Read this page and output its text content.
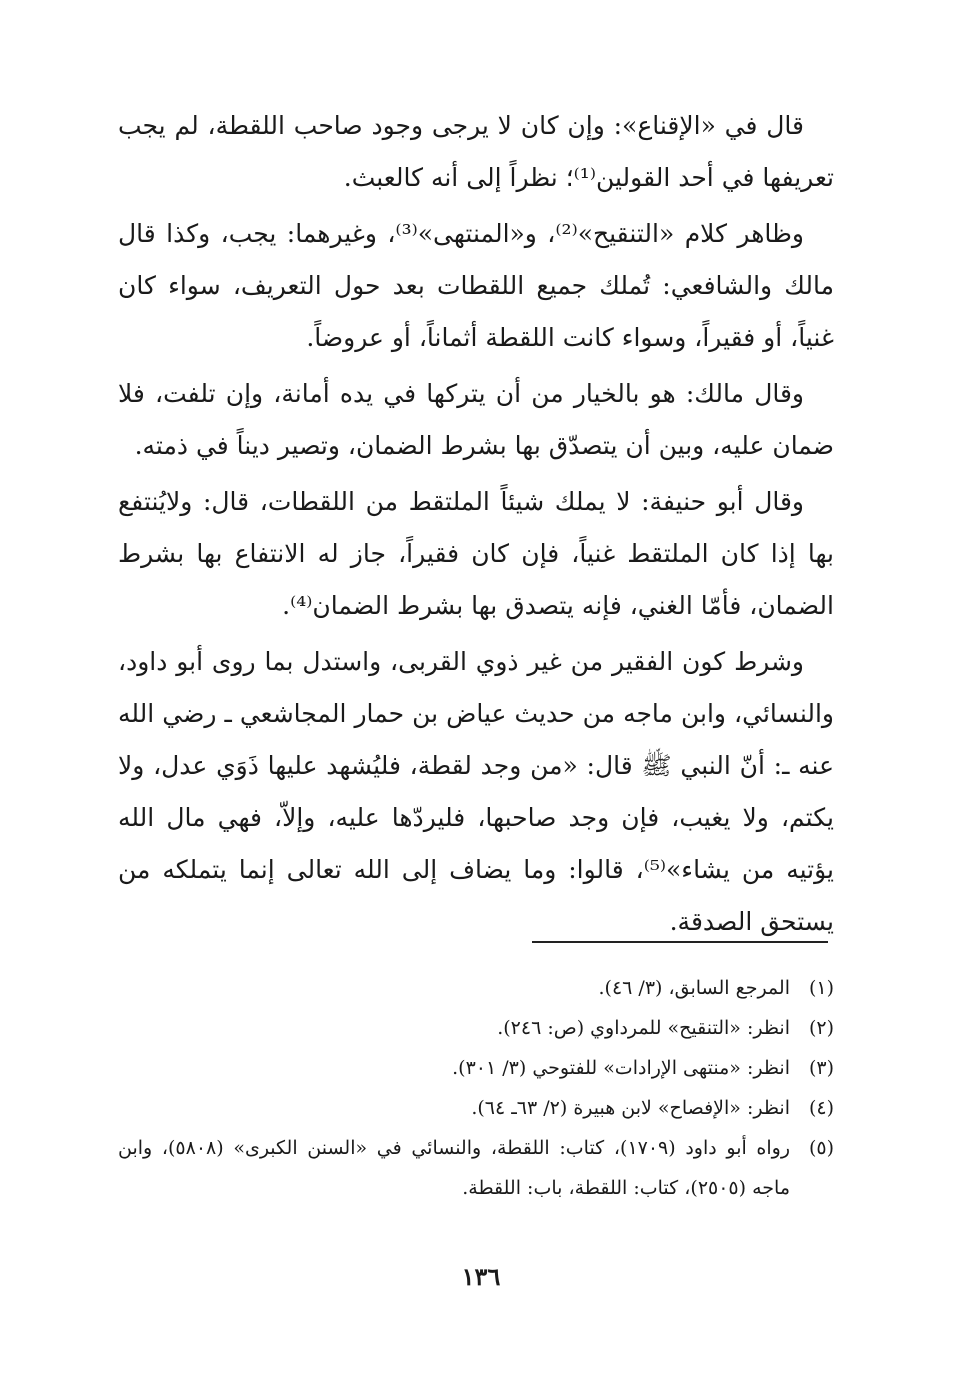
قال في «الإقناع»: وإن كان لا يرجى وجود صاحب اللقطة، لم يجب تعريفها في أحد القولين⁽¹⁾؛ نظراً إلى أنه كالعبث.

وظاهر كلام «التنقيح»⁽²⁾، و«المنتهى»⁽³⁾، وغيرهما: يجب، وكذا قال مالك والشافعي: تُملك جميع اللقطات بعد حول التعريف، سواء كان غنياً، أو فقيراً، وسواء كانت اللقطة أثماناً، أو عروضاً.

وقال مالك: هو بالخيار من أن يتركها في يده أمانة، وإن تلفت، فلا ضمان عليه، وبين أن يتصدّق بها بشرط الضمان، وتصير ديناً في ذمته.

وقال أبو حنيفة: لا يملك شيئاً الملتقط من اللقطات، قال: ولايُنتفع بها إذا كان الملتقط غنياً، فإن كان فقيراً، جاز له الانتفاع بها بشرط الضمان، فأمّا الغني، فإنه يتصدق بها بشرط الضمان⁽⁴⁾.

وشرط كون الفقير من غير ذوي القربى، واستدل بما روى أبو داود، والنسائي، وابن ماجه من حديث عياض بن حمار المجاشعي ـ رضي الله عنه ـ: أنّ النبي ﷺ قال: «من وجد لقطة، فليُشهد عليها ذَوَي عدل، ولا يكتم، ولا يغيب، فإن وجد صاحبها، فليردّها عليه، وإلاّ، فهي مال الله يؤتيه من يشاء»⁽⁵⁾، قالوا: وما يضاف إلى الله تعالى إنما يتملكه من يستحق الصدقة.

(١)
المرجع السابق، (٣/ ٤٦).
(٢)
انظر: «التنقيح» للمرداوي (ص: ٢٤٦).
(٣)
انظر: «منتهى الإرادات» للفتوحي (٣/ ٣٠١).
(٤)
انظر: «الإفصاح» لابن هبيرة (٢/ ٦٣ـ ٦٤).
(٥)
رواه أبو داود (١٧٠٩)، كتاب: اللقطة، والنسائي في «السنن الكبرى» (٥٨٠٨)، وابن ماجه (٢٥٠٥)، كتاب: اللقطة، باب: اللقطة.
١٣٦
